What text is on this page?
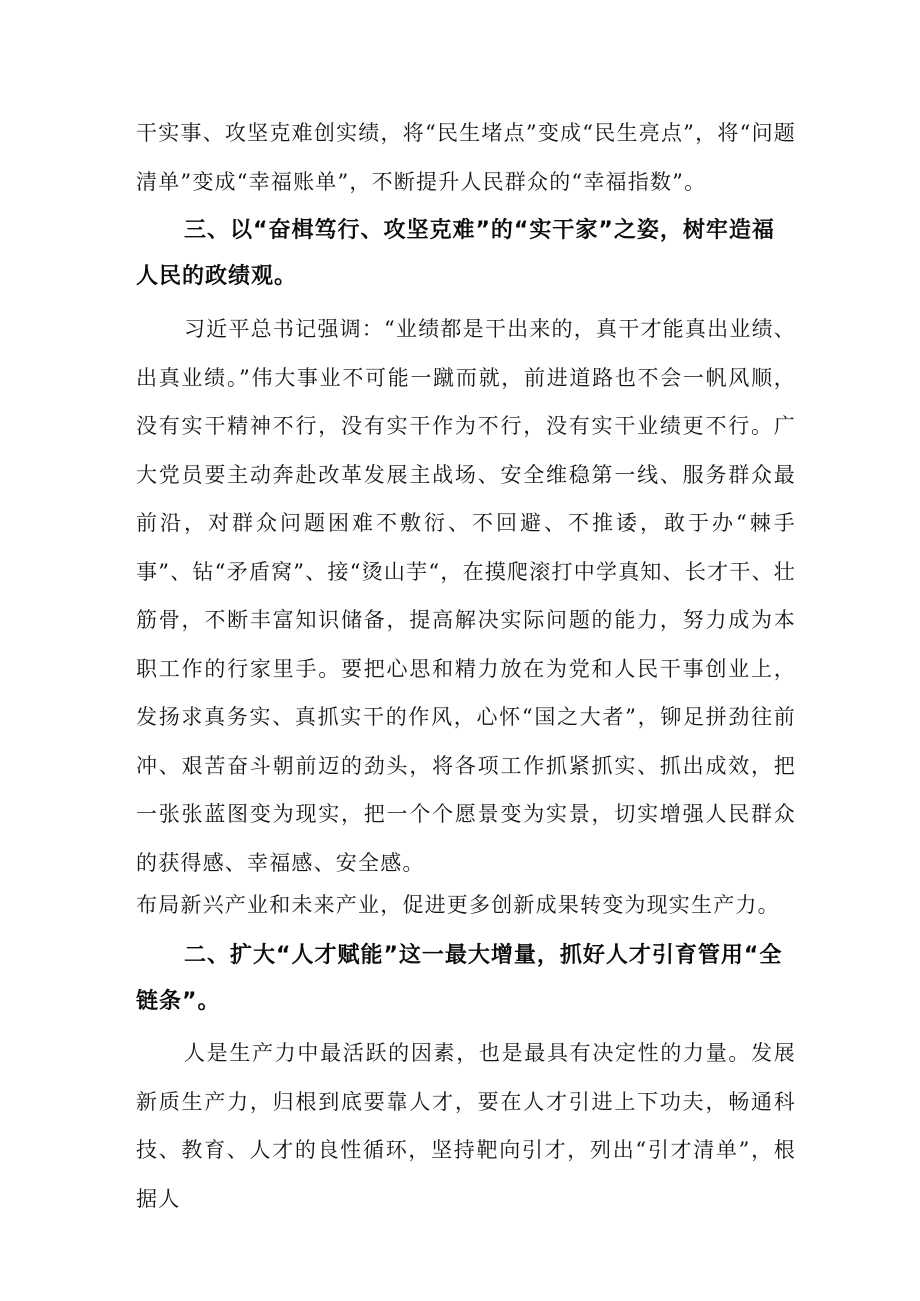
干实事、攻坚克难创实绩，将“民生堵点”变成“民生亮点”，将“问题清单”变成“幸福账单”，不断提升人民群众的“幸福指数”。

三、以“奋楫笃行、攻坚克难”的“实干家”之姿，树牢造福人民的政绩观。

习近平总书记强调：“业绩都是干出来的，真干才能真出业绩、出真业绩。”伟大事业不可能一蹴而就，前进道路也不会一帆风顺，没有实干精神不行，没有实干作为不行，没有实干业绩更不行。广大党员要主动奔赴改革发展主战场、安全维稳第一线、服务群众最前沿，对群众问题困难不敷衍、不回避、不推诿，敢于办“棘手事”、钻“矛盾窝”、接“烫山芋“，在摸爬滚打中学真知、长才干、壮筋骨，不断丰富知识储备，提高解决实际问题的能力，努力成为本职工作的行家里手。要把心思和精力放在为党和人民干事创业上，发扬求真务实、真抓实干的作风，心怀“国之大者”，铆足拼劲往前冲、艰苦奋斗朝前迈的劲头，将各项工作抓紧抓实、抓出成效，把一张张蓝图变为现实，把一个个愿景变为实景，切实增强人民群众的获得感、幸福感、安全感。

布局新兴产业和未来产业，促进更多创新成果转变为现实生产力。

二、扩大“人才赋能”这一最大增量，抓好人才引育管用“全链条”。

人是生产力中最活跃的因素，也是最具有决定性的力量。发展新质生产力，归根到底要靠人才，要在人才引进上下功夫，畅通科技、教育、人才的良性循环，坚持靶向引才，列出“引才清单”，根据人
